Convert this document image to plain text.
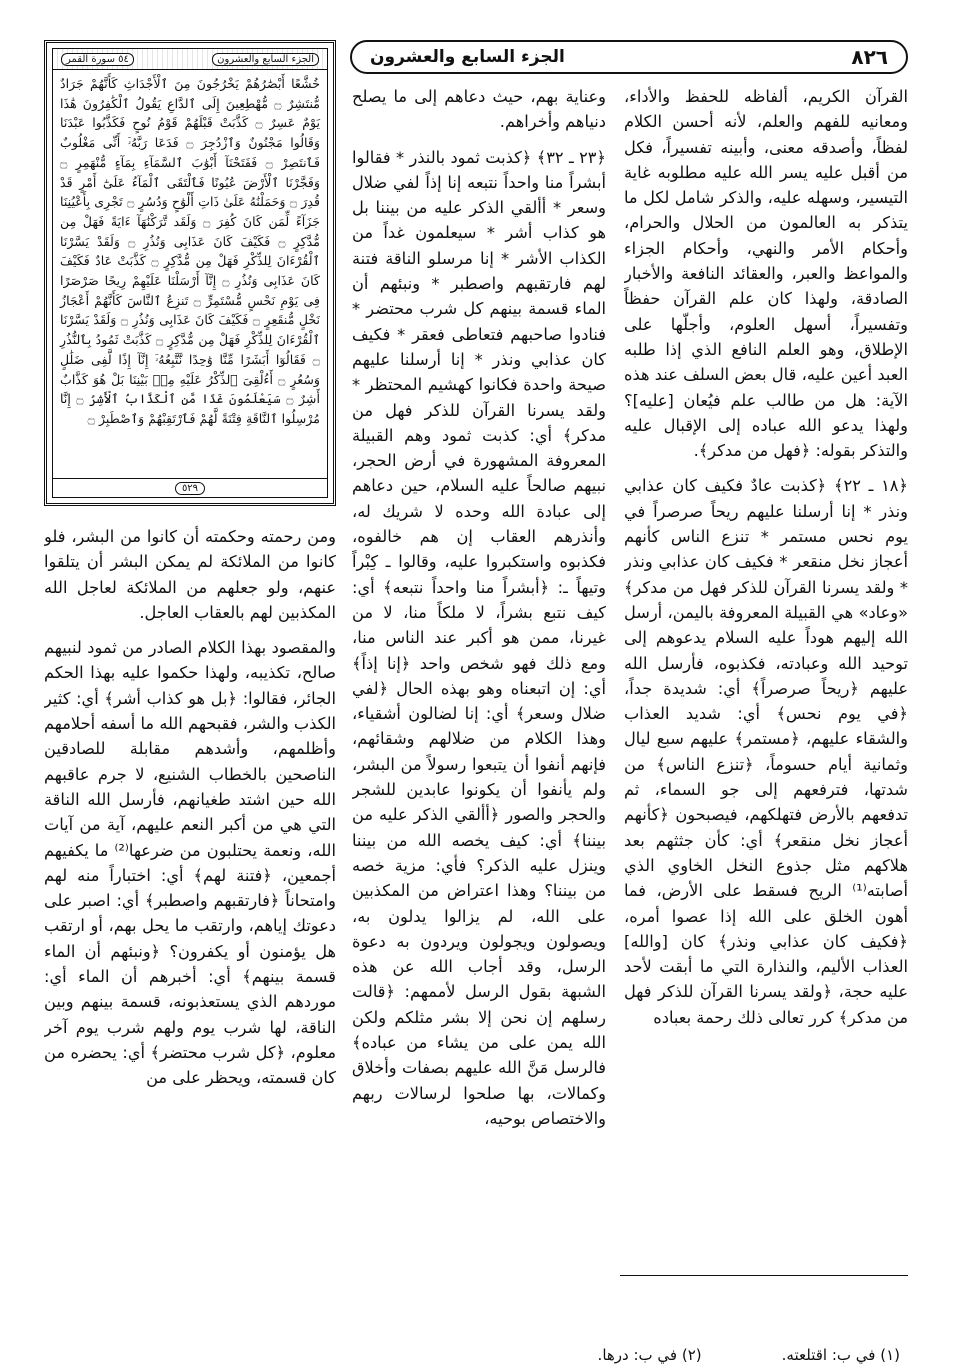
٨٢٦
الجزء السابع والعشرون
الجزء السابع والعشرون
٥٤ سورة القمر
خُشَّعًا أَبْصَٰرُهُمْ يَخْرُجُونَ مِنَ ٱلْأَجْدَاثِ كَأَنَّهُمْ جَرَادٌ مُّنتَشِرٌ ۝ مُّهْطِعِينَ إِلَى ٱلدَّاعِ يَقُولُ ٱلْكَٰفِرُونَ هَٰذَا يَوْمٌ عَسِرٌ ۝ كَذَّبَتْ قَبْلَهُمْ قَوْمُ نُوحٍ فَكَذَّبُوا عَبْدَنَا وَقَالُوا مَجْنُونٌ وَٱزْدُجِرَ ۝ فَدَعَا رَبَّهُۥٓ أَنِّى مَغْلُوبٌ فَٱنتَصِرْ ۝ فَفَتَحْنَآ أَبْوَٰبَ ٱلسَّمَآءِ بِمَآءٍ مُّنْهَمِرٍ ۝ وَفَجَّرْنَا ٱلْأَرْضَ عُيُونًا فَٱلْتَقَى ٱلْمَآءُ عَلَىٰٓ أَمْرٍ قَدْ قُدِرَ ۝ وَحَمَلْنَٰهُ عَلَىٰ ذَاتِ أَلْوَٰحٍ وَدُسُرٍ ۝ تَجْرِى بِأَعْيُنِنَا جَزَآءً لِّمَن كَانَ كُفِرَ ۝ وَلَقَد تَّرَكْنَٰهَآ ءَايَةً فَهَلْ مِن مُّدَّكِرٍ ۝ فَكَيْفَ كَانَ عَذَابِى وَنُذُرِ ۝ وَلَقَدْ يَسَّرْنَا ٱلْقُرْءَانَ لِلذِّكْرِ فَهَلْ مِن مُّدَّكِرٍ ۝ كَذَّبَتْ عَادٌ فَكَيْفَ كَانَ عَذَابِى وَنُذُرِ ۝ إِنَّآ أَرْسَلْنَا عَلَيْهِمْ رِيحًا صَرْصَرًا فِى يَوْمِ نَحْسٍ مُّسْتَمِرٍّ ۝ تَنزِعُ ٱلنَّاسَ كَأَنَّهُمْ أَعْجَازُ نَخْلٍ مُّنقَعِرٍ ۝ فَكَيْفَ كَانَ عَذَابِى وَنُذُرِ ۝ وَلَقَدْ يَسَّرْنَا ٱلْقُرْءَانَ لِلذِّكْرِ فَهَلْ مِن مُّدَّكِرٍ ۝ كَذَّبَتْ ثَمُودُ بِٱلنُّذُرِ ۝ فَقَالُوٓا أَبَشَرًا مِّنَّا وَٰحِدًا نَّتَّبِعُهُۥٓ إِنَّآ إِذًا لَّفِى ضَلَٰلٍ وَسُعُرٍ ۝ أَءُلْقِىَ ٱلذِّكْرُ عَلَيْهِ مِنۢ بَيْنِنَا بَلْ هُوَ كَذَّابٌ أَشِرٌ ۝ سَيَعْلَمُونَ غَدًا مَّنِ ٱلْكَذَّابُ ٱلْأَشِرُ ۝ إِنَّا مُرْسِلُوا ٱلنَّاقَةِ فِتْنَةً لَّهُمْ فَٱرْتَقِبْهُمْ وَٱصْطَبِرْ ۝
٥٢٩

القرآن الكريم، ألفاظه للحفظ والأداء، ومعانيه للفهم والعلم، لأنه أحسن الكلام لفظاً، وأصدقه معنى، وأبينه تفسيراً، فكل من أقبل عليه يسر الله عليه مطلوبه غاية التيسير، وسهله عليه، والذكر شامل لكل ما يتذكر به العالمون من الحلال والحرام، وأحكام الأمر والنهي، وأحكام الجزاء والمواعظ والعبر، والعقائد النافعة والأخبار الصادقة، ولهذا كان علم القرآن حفظاً وتفسيراً، أسهل العلوم، وأجلّها على الإطلاق، وهو العلم النافع الذي إذا طلبه العبد أعين عليه، قال بعض السلف عند هذه الآية: هل من طالب علم فيُعان [عليه]؟ ولهذا يدعو الله عباده إلى الإقبال عليه والتذكر بقوله: ﴿فهل من مدكر﴾.

﴿١٨ ـ ٢٢﴾ ﴿كذبت عادٌ فكيف كان عذابي ونذر * إنا أرسلنا عليهم ريحاً صرصراً في يوم نحس مستمر * تنزع الناس كأنهم أعجاز نخل منقعر * فكيف كان عذابي ونذر * ولقد يسرنا القرآن للذكر فهل من مدكر﴾ «وعاد» هي القبيلة المعروفة باليمن، أرسل الله إليهم هوداً عليه السلام يدعوهم إلى توحيد الله وعبادته، فكذبوه، فأرسل الله عليهم ﴿ريحاً صرصراً﴾ أي: شديدة جداً، ﴿في يوم نحس﴾ أي: شديد العذاب والشقاء عليهم، ﴿مستمر﴾ عليهم سبع ليال وثمانية أيام حسوماً، ﴿تنزع الناس﴾ من شدتها، فترفعهم إلى جو السماء، ثم تدفعهم بالأرض فتهلكهم، فيصبحون ﴿كأنهم أعجاز نخل منقعر﴾ أي: كأن جثثهم بعد هلاكهم مثل جذوع النخل الخاوي الذي أصابته⁽¹⁾ الريح فسقط على الأرض، فما أهون الخلق على الله إذا عصوا أمره، ﴿فكيف كان عذابي ونذر﴾ كان [والله] العذاب الأليم، والنذارة التي ما أبقت لأحد عليه حجة، ﴿ولقد يسرنا القرآن للذكر فهل من مدكر﴾ كرر تعالى ذلك رحمة بعباده

وعناية بهم، حيث دعاهم إلى ما يصلح دنياهم وأخراهم.

﴿٢٣ ـ ٣٢﴾ ﴿كذبت ثمود بالنذر * فقالوا أبشراً منا واحداً نتبعه إنا إذاً لفي ضلال وسعر * أألقي الذكر عليه من بيننا بل هو كذاب أشر * سيعلمون غداً من الكذاب الأشر * إنا مرسلو الناقة فتنة لهم فارتقبهم واصطبر * ونبئهم أن الماء قسمة بينهم كل شرب محتضر * فنادوا صاحبهم فتعاطى فعقر * فكيف كان عذابي ونذر * إنا أرسلنا عليهم صيحة واحدة فكانوا كهشيم المحتظر * ولقد يسرنا القرآن للذكر فهل من مدكر﴾ أي: كذبت ثمود وهم القبيلة المعروفة المشهورة في أرض الحجر، نبيهم صالحاً عليه السلام، حين دعاهم إلى عبادة الله وحده لا شريك له، وأنذرهم العقاب إن هم خالفوه، فكذبوه واستكبروا عليه، وقالوا ـ كِبْراً وتيهاً ـ: ﴿أبشراً منا واحداً نتبعه﴾ أي: كيف نتبع بشراً، لا ملكاً منا، لا من غيرنا، ممن هو أكبر عند الناس منا، ومع ذلك فهو شخص واحد ﴿إنا إذاً﴾ أي: إن اتبعناه وهو بهذه الحال ﴿لفي ضلال وسعر﴾ أي: إنا لضالون أشقياء، وهذا الكلام من ضلالهم وشقائهم، فإنهم أنفوا أن يتبعوا رسولاً من البشر، ولم يأنفوا أن يكونوا عابدين للشجر والحجر والصور ﴿أألقي الذكر عليه من بيننا﴾ أي: كيف يخصه الله من بيننا وينزل عليه الذكر؟ فأي: مزية خصه من بيننا؟ وهذا اعتراض من المكذبين على الله، لم يزالوا يدلون به، ويصولون ويجولون ويردون به دعوة الرسل، وقد أجاب الله عن هذه الشبهة بقول الرسل لأممهم: ﴿قالت رسلهم إن نحن إلا بشر مثلكم ولكن الله يمن على من يشاء من عباده﴾ فالرسل مَنَّ الله عليهم بصفات وأخلاق وكمالات، بها صلحوا لرسالات ربهم والاختصاص بوحيه،

ومن رحمته وحكمته أن كانوا من البشر، فلو كانوا من الملائكة لم يمكن البشر أن يتلقوا عنهم، ولو جعلهم من الملائكة لعاجل الله المكذبين لهم بالعقاب العاجل.

والمقصود بهذا الكلام الصادر من ثمود لنبيهم صالح، تكذيبه، ولهذا حكموا عليه بهذا الحكم الجائر، فقالوا: ﴿بل هو كذاب أشر﴾ أي: كثير الكذب والشر، فقبحهم الله ما أسفه أحلامهم وأظلمهم، وأشدهم مقابلة للصادقين الناصحين بالخطاب الشنيع، لا جرم عاقبهم الله حين اشتد طغيانهم، فأرسل الله الناقة التي هي من أكبر النعم عليهم، آية من آيات الله، ونعمة يحتلبون من ضرعها⁽²⁾ ما يكفيهم أجمعين، ﴿فتنة لهم﴾ أي: اختباراً منه لهم وامتحاناً ﴿فارتقبهم واصطبر﴾ أي: اصبر على دعوتك إياهم، وارتقب ما يحل بهم، أو ارتقب هل يؤمنون أو يكفرون؟ ﴿ونبئهم أن الماء قسمة بينهم﴾ أي: أخبرهم أن الماء أي: موردهم الذي يستعذبونه، قسمة بينهم وبين الناقة، لها شرب يوم ولهم شرب يوم آخر معلوم، ﴿كل شرب محتضر﴾ أي: يحضره من كان قسمته، ويحظر على من

(١) في ب: اقتلعته.
(٢) في ب: درها.
